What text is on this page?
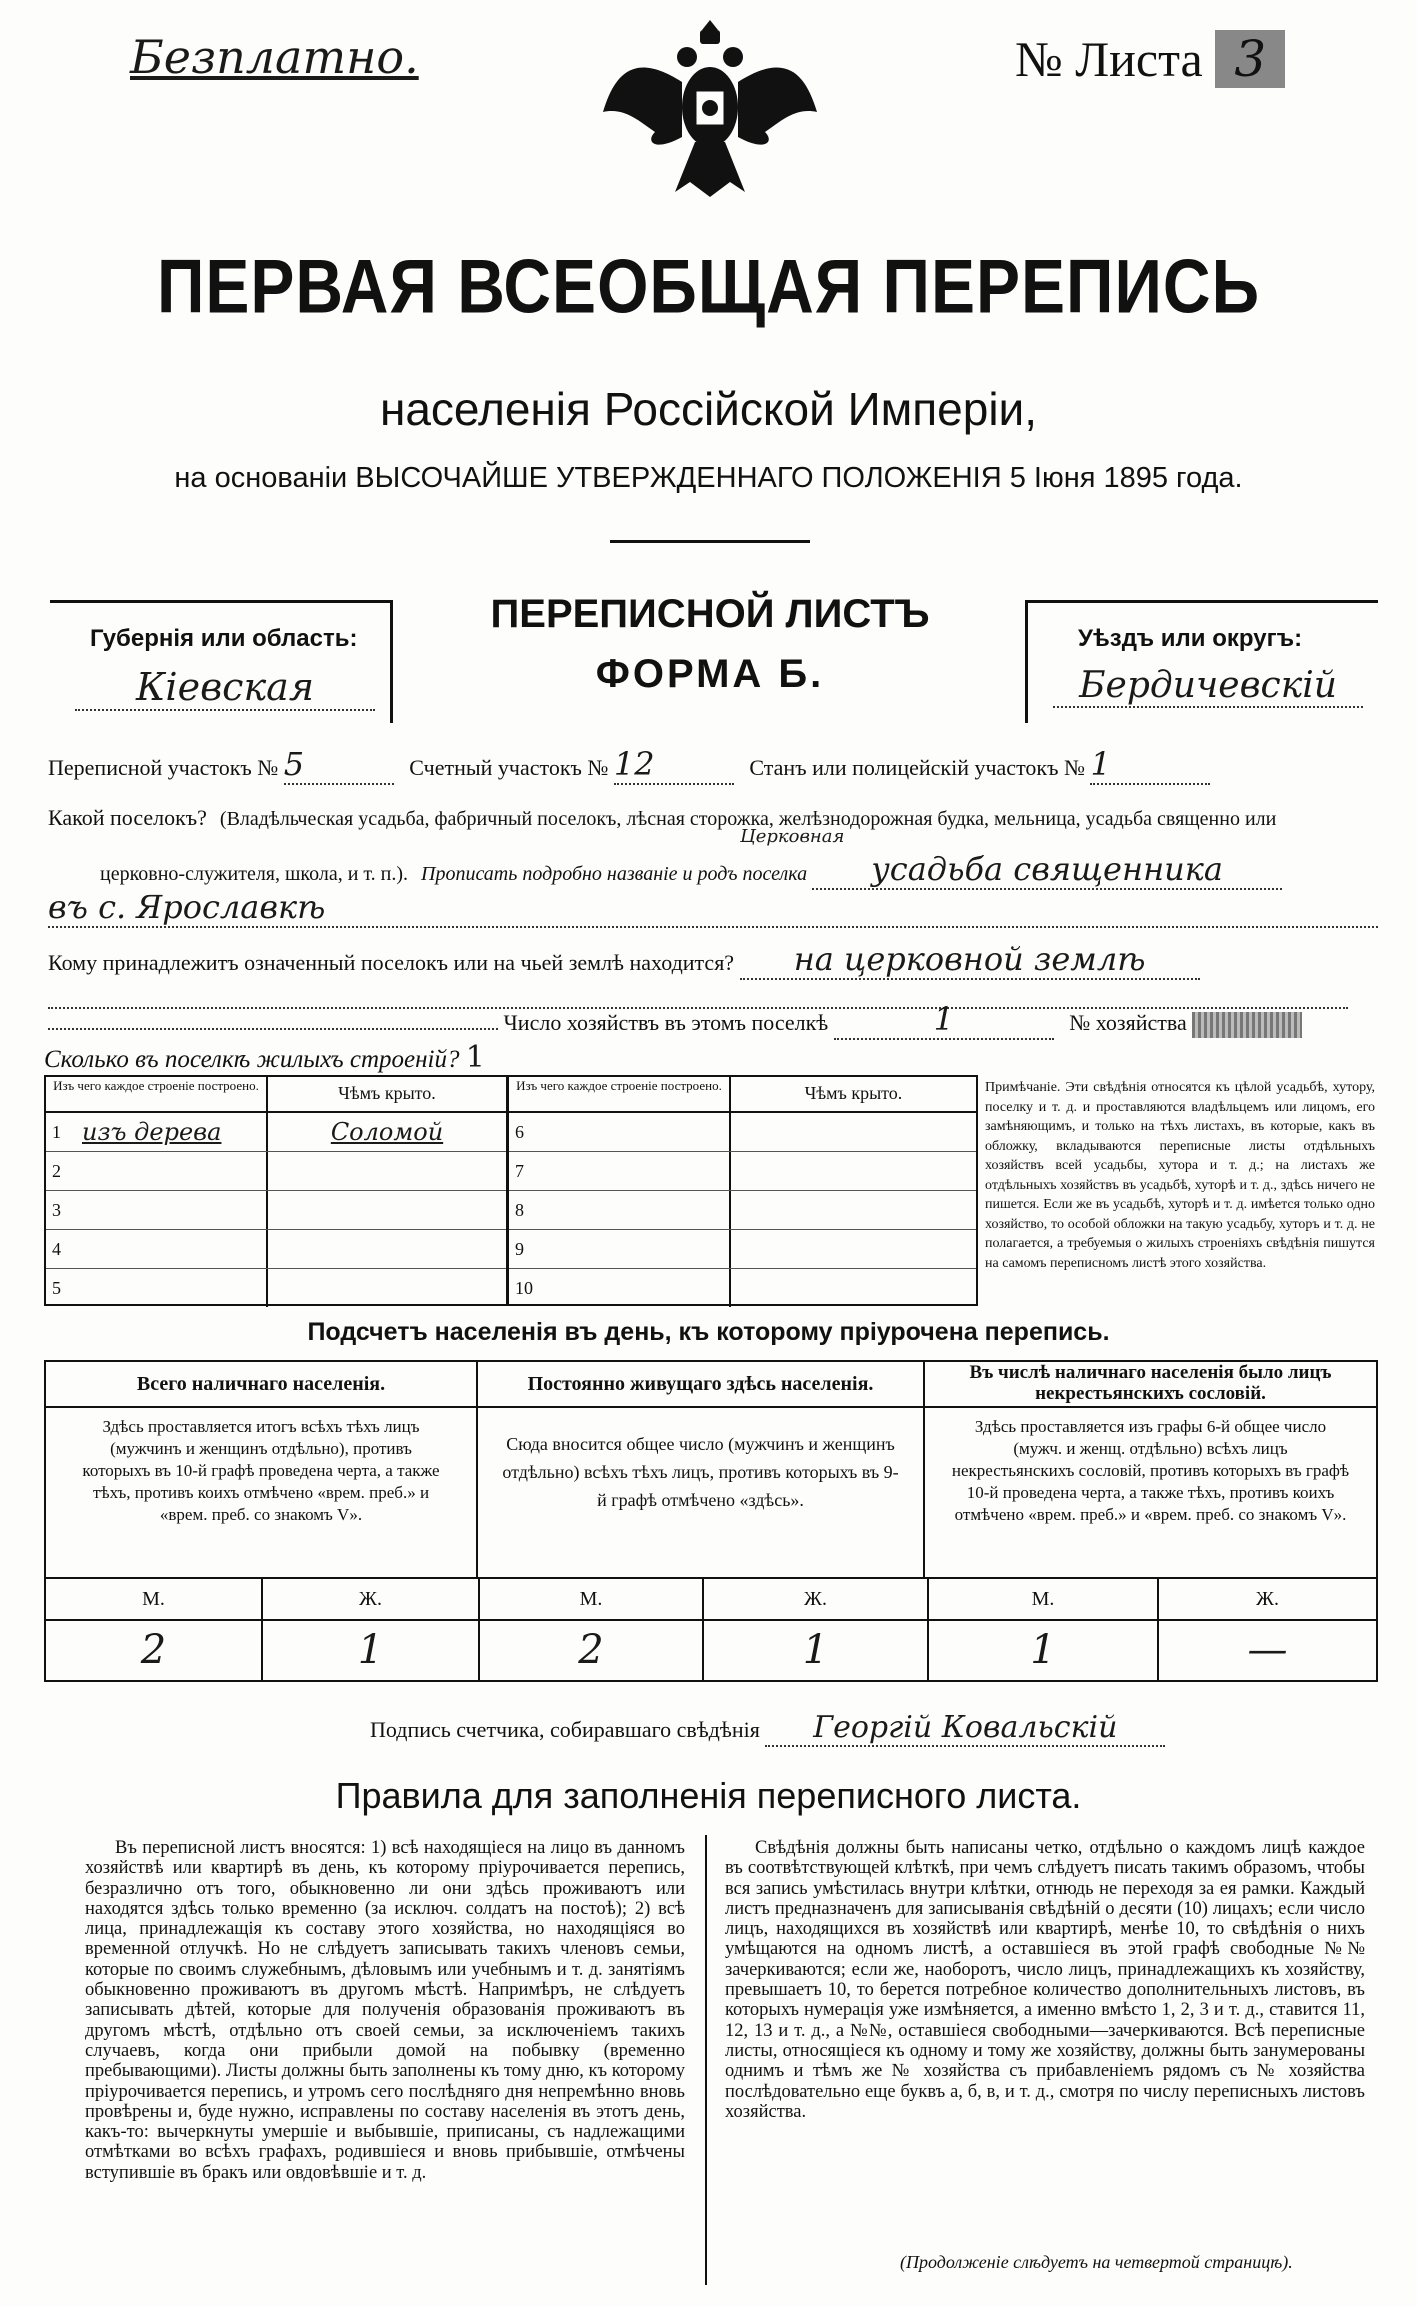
Безплатно.	№ Листа 3
ПЕРВАЯ ВСЕОБЩАЯ ПЕРЕПИСЬ
населенія Россійской Имперіи,
на основаніи ВЫСОЧАЙШЕ УТВЕРЖДЕННАГО ПОЛОЖЕНІЯ 5 Іюня 1895 года.
Губернія или область:
Кiевская
ПЕРЕПИСНОЙ ЛИСТЪ
ФОРМА Б.
Уѣздъ или округъ:
Бердичевскiй
Переписной участокъ № 5	Счетный участокъ № 12	Станъ или полицейскій участокъ № 1
Какой поселокъ? (Владѣльческая усадьба, фабричный поселокъ, лѣсная сторожка, желѣзнодорожная будка, мельница, усадьба священно или
церковно-служителя, школа, и т. п.). Прописать подробно названіе и родъ поселка усадьба священника
Церковная
въ с. Ярославкѣ
Кому принадлежитъ означенный поселокъ или на чьей землѣ находится? на церковной землѣ
Число хозяйствъ въ этомъ поселкѣ	1	№ хозяйства
Сколько въ поселкѣ жилыхъ строеній? 1
Изъ чего каждое строеніе построено.	Чѣмъ крыто.
1 изъ дерева	Соломой
2
3
4
5
Изъ чего каждое строеніе построено.	Чѣмъ крыто.
6
7
8
9
10
Примѣчаніе. Эти свѣдѣнія относятся къ цѣлой усадьбѣ, хутору, поселку и т. д. и проставляются владѣльцемъ или лицомъ, его замѣняющимъ, и только на тѣхъ листахъ, въ которые, какъ въ обложку, вкладываются переписные листы отдѣльныхъ хозяйствъ всей усадьбы, хутора и т. д.; на листахъ же отдѣльныхъ хозяйствъ въ усадьбѣ, хуторѣ и т. д., здѣсь ничего не пишется. Если же въ усадьбѣ, хуторѣ и т. д. имѣется только одно хозяйство, то особой обложки на такую усадьбу, хуторъ и т. д. не полагается, а требуемыя о жилыхъ строеніяхъ свѣдѣнія пишутся на самомъ переписномъ листѣ этого хозяйства.
Подсчетъ населенія въ день, къ которому пріурочена перепись.
Всего наличнаго населенія.
Здѣсь проставляется итогъ всѣхъ тѣхъ лицъ (мужчинъ и женщинъ отдѣльно), противъ которыхъ въ 10-й графѣ проведена черта, а также тѣхъ, противъ коихъ отмѣчено «врем. преб.» и «врем. преб. со знакомъ V».
Постоянно живущаго здѣсь населенія.
Сюда вносится общее число (мужчинъ и женщинъ отдѣльно) всѣхъ тѣхъ лицъ, противъ которыхъ въ 9-й графѣ отмѣчено «здѣсь».
Въ числѣ наличнаго населенія было лицъ некрестьянскихъ сословій.
Здѣсь проставляется изъ графы 6-й общее число (мужч. и женщ. отдѣльно) всѣхъ лицъ некрестьянскихъ сословій, противъ которыхъ въ графѣ 10-й проведена черта, а также тѣхъ, противъ коихъ отмѣчено «врем. преб.» и «врем. преб. со знакомъ V».
М.	Ж.	М.	Ж.	М.	Ж.
2	1	2	1	1	—
Подпись счетчика, собиравшаго свѣдѣнія Георгій Ковальскій
Правила для заполненія переписного листа.
Въ переписной листъ вносятся: 1) всѣ находящіеся на лицо въ данномъ хозяйствѣ или квартирѣ въ день, къ которому пріурочивается перепись, безразлично отъ того, обыкновенно ли они здѣсь проживаютъ или находятся здѣсь только временно (за исключ. солдатъ на постоѣ); 2) всѣ лица, принадлежащія къ составу этого хозяйства, но находящіяся во временной отлучкѣ. Но не слѣдуетъ записывать такихъ членовъ семьи, которые по своимъ служебнымъ, дѣловымъ или учебнымъ и т. д. занятіямъ обыкновенно проживаютъ въ другомъ мѣстѣ. Напримѣръ, не слѣдуетъ записывать дѣтей, которые для полученія образованія проживаютъ въ другомъ мѣстѣ, отдѣльно отъ своей семьи, за исключеніемъ такихъ случаевъ, когда они прибыли домой на побывку (временно пребывающими). Листы должны быть заполнены къ тому дню, къ которому пріурочивается перепись, и утромъ сего послѣдняго дня непремѣнно вновь провѣрены и, буде нужно, исправлены по составу населенія въ этотъ день, какъ-то: вычеркнуты умершіе и выбывшіе, приписаны, съ надлежащими отмѣтками во всѣхъ графахъ, родившіеся и вновь прибывшіе, отмѣчены вступившіе въ бракъ или овдовѣвшіе и т. д.
Свѣдѣнія должны быть написаны четко, отдѣльно о каждомъ лицѣ каждое въ соотвѣтствующей клѣткѣ, при чемъ слѣдуетъ писать такимъ образомъ, чтобы вся запись умѣстилась внутри клѣтки, отнюдь не переходя за ея рамки. Каждый листъ предназначенъ для записыванія свѣдѣній о десяти (10) лицахъ; если число лицъ, находящихся въ хозяйствѣ или квартирѣ, менѣе 10, то свѣдѣнія о нихъ умѣщаются на одномъ листѣ, а оставшіеся въ этой графѣ свободные №№ зачеркиваются; если же, наоборотъ, число лицъ, принадлежащихъ къ хозяйству, превышаетъ 10, то берется потребное количество дополнительныхъ листовъ, въ которыхъ нумерація уже измѣняется, а именно вмѣсто 1, 2, 3 и т. д., ставится 11, 12, 13 и т. д., а №№, оставшіеся свободными—зачеркиваются. Всѣ переписные листы, относящіеся къ одному и тому же хозяйству, должны быть занумерованы однимъ и тѣмъ же № хозяйства съ прибавленіемъ рядомъ съ № хозяйства послѣдовательно еще буквъ а, б, в, и т. д., смотря по числу переписныхъ листовъ хозяйства.
(Продолженіе слѣдуетъ на четвертой страницѣ).
